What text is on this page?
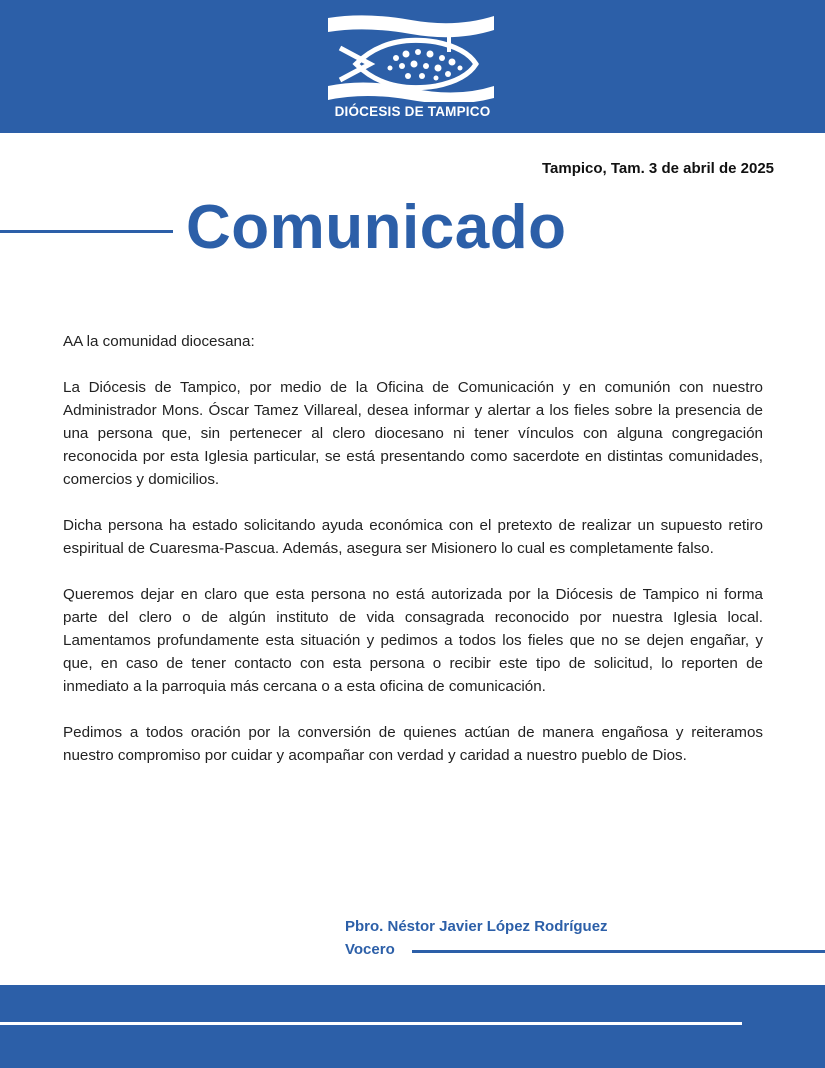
DIÓCESIS DE TAMPICO
Tampico, Tam. 3 de abril de 2025
Comunicado

AA la comunidad diocesana:

La Diócesis de Tampico, por medio de la Oficina de Comunicación y en comunión con nuestro Administrador Mons. Óscar Tamez Villareal, desea informar y alertar a los fieles sobre la presencia de una persona que, sin pertenecer al clero diocesano ni tener vínculos con alguna congregación reconocida por esta Iglesia particular, se está presentando como sacerdote en distintas comunidades, comercios y domicilios.

Dicha persona ha estado solicitando ayuda económica con el pretexto de realizar un supuesto retiro espiritual de Cuaresma-Pascua. Además, asegura ser Misionero lo cual es completamente falso.

Queremos dejar en claro que esta persona no está autorizada por la Diócesis de Tampico ni forma parte del clero o de algún instituto de vida consagrada reconocido por nuestra Iglesia local. Lamentamos profundamente esta situación y pedimos a todos los fieles que no se dejen engañar, y que, en caso de tener contacto con esta persona o recibir este tipo de solicitud, lo reporten de inmediato a la parroquia más cercana o a esta oficina de comunicación.

Pedimos a todos oración por la conversión de quienes actúan de manera engañosa y reiteramos nuestro compromiso por cuidar y acompañar con verdad y caridad a nuestro pueblo de Dios.

Pbro. Néstor Javier López Rodríguez
Vocero
